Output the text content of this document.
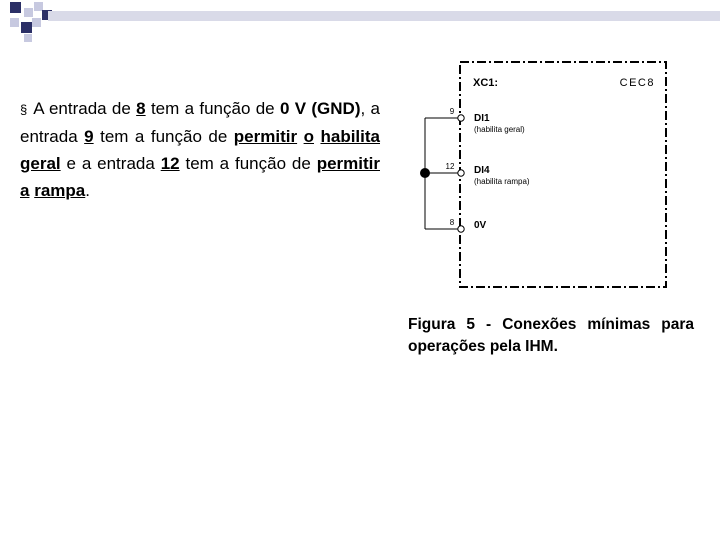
§ A entrada de 8 tem a função de 0 V (GND), a entrada 9 tem a função de permitir o habilita geral e a entrada 12 tem a função de permitir a rampa.
XC1:	CEC8
9
12
8
DI1
(habilita geral)
DI4
(habilita rampa)
0V
Figura 5 - Conexões mínimas para operações pela IHM.
